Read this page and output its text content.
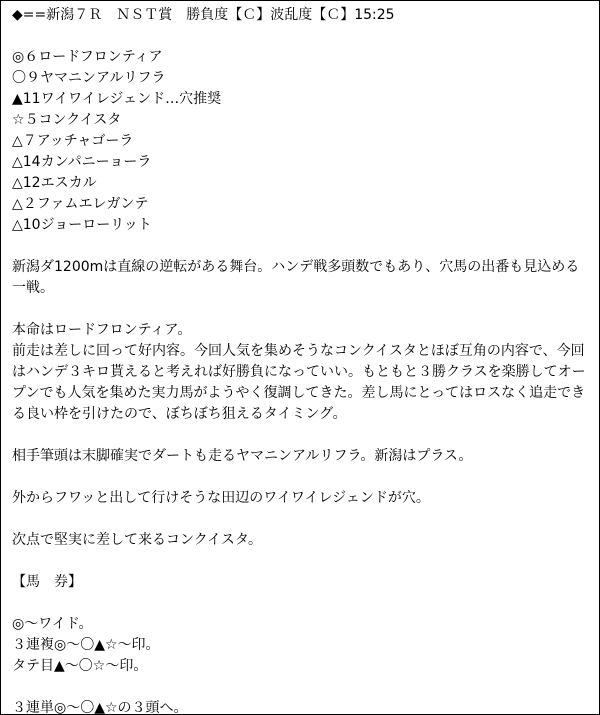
◆==新潟７Ｒ　ＮＳＴ賞　勝負度【Ｃ】波乱度【Ｃ】15:25
◎６ロードフロンティア
〇９ヤマニンアルリフラ
▲11ワイワイレジェンド…穴推奨
☆５コンクイスタ
△７アッチャゴーラ
△14カンパニーョーラ
△12エスカル
△２ファムエレガンテ
△10ジョーローリット
新潟ダ1200mは直線の逆転がある舞台。ハンデ戦多頭数でもあり、穴馬の出番も見込める一戦。
本命はロードフロンティア。
前走は差しに回って好内容。今回人気を集めそうなコンクイスタとほぼ互角の内容で、今回はハンデ３キロ貰えると考えれば好勝負になっていい。もともと３勝クラスを楽勝してオープンでも人気を集めた実力馬がようやく復調してきた。差し馬にとってはロスなく追走できる良い枠を引けたので、ぼちぼち狙えるタイミング。
相手筆頭は末脚確実でダートも走るヤマニンアルリフラ。新潟はプラス。
外からフワッと出して行けそうな田辺のワイワイレジェンドが穴。
次点で堅実に差して来るコンクイスタ。
【馬　券】
◎～ワイド。
３連複◎～〇▲☆～印。
タテ目▲～〇☆～印。
３連単◎～〇▲☆の３頭へ。
